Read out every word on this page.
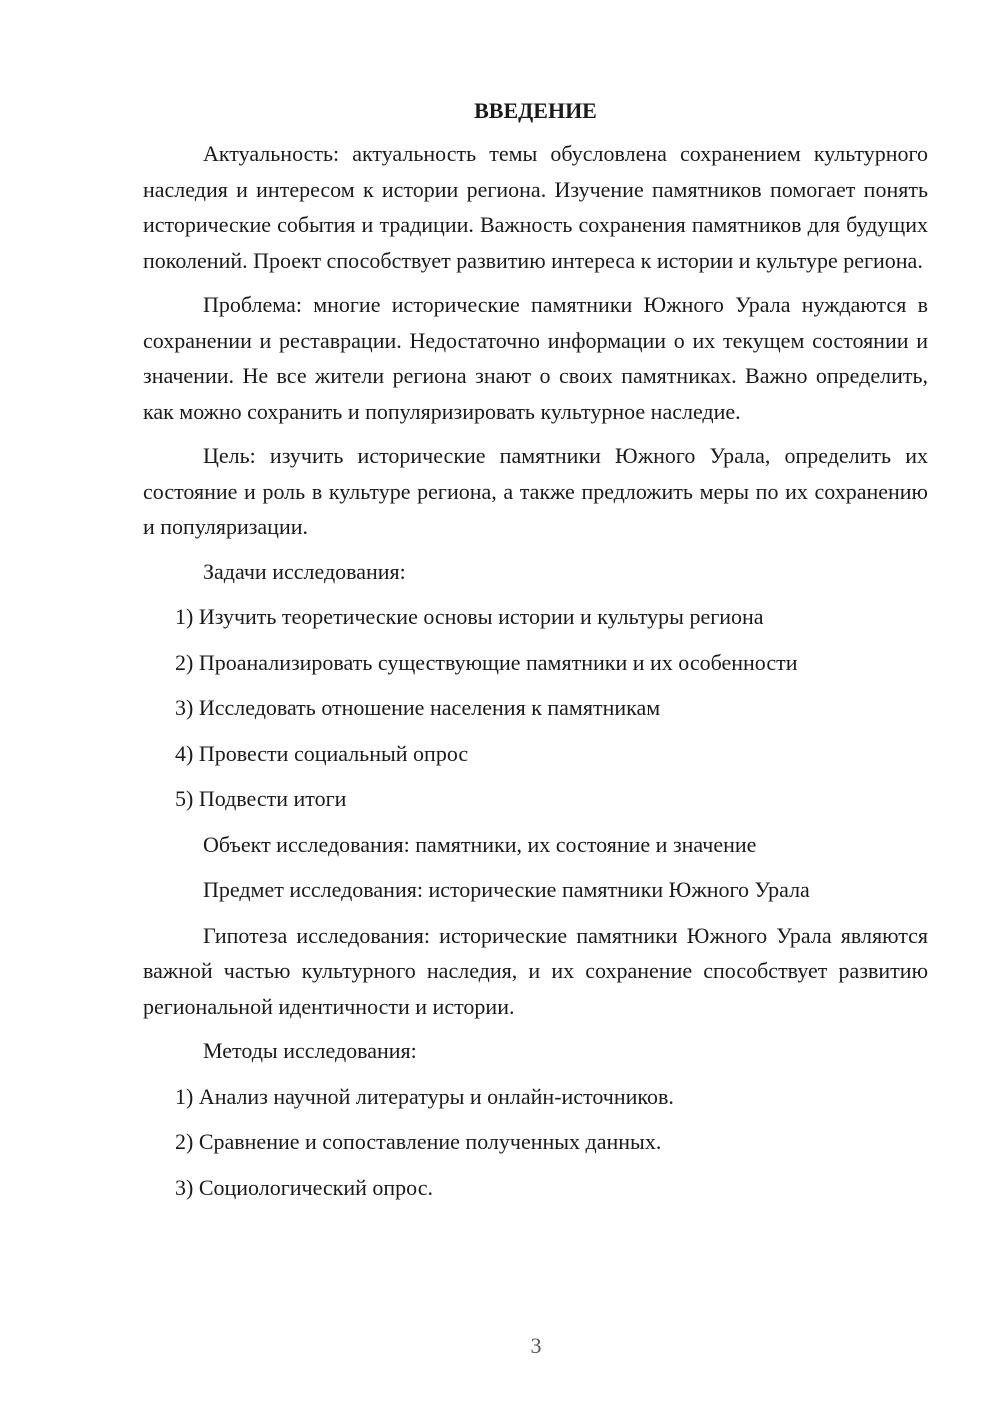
ВВЕДЕНИЕ

Актуальность: актуальность темы обусловлена сохранением культурного наследия и интересом к истории региона. Изучение памятников помогает понять исторические события и традиции. Важность сохранения памятников для будущих поколений. Проект способствует развитию интереса к истории и культуре региона.

Проблема: многие исторические памятники Южного Урала нуждаются в сохранении и реставрации. Недостаточно информации о их текущем состоянии и значении. Не все жители региона знают о своих памятниках. Важно определить, как можно сохранить и популяризировать культурное наследие.

Цель: изучить исторические памятники Южного Урала, определить их состояние и роль в культуре региона, а также предложить меры по их сохранению и популяризации.

Задачи исследования:

1) Изучить теоретические основы истории и культуры региона

2) Проанализировать существующие памятники и их особенности

3) Исследовать отношение населения к памятникам

4) Провести социальный опрос

5) Подвести итоги

Объект исследования: памятники, их состояние и значение

Предмет исследования: исторические памятники Южного Урала

Гипотеза исследования: исторические памятники Южного Урала являются важной частью культурного наследия, и их сохранение способствует развитию региональной идентичности и истории.

Методы исследования:

1) Анализ научной литературы и онлайн-источников.

2) Сравнение и сопоставление полученных данных.

3) Социологический опрос.

3
